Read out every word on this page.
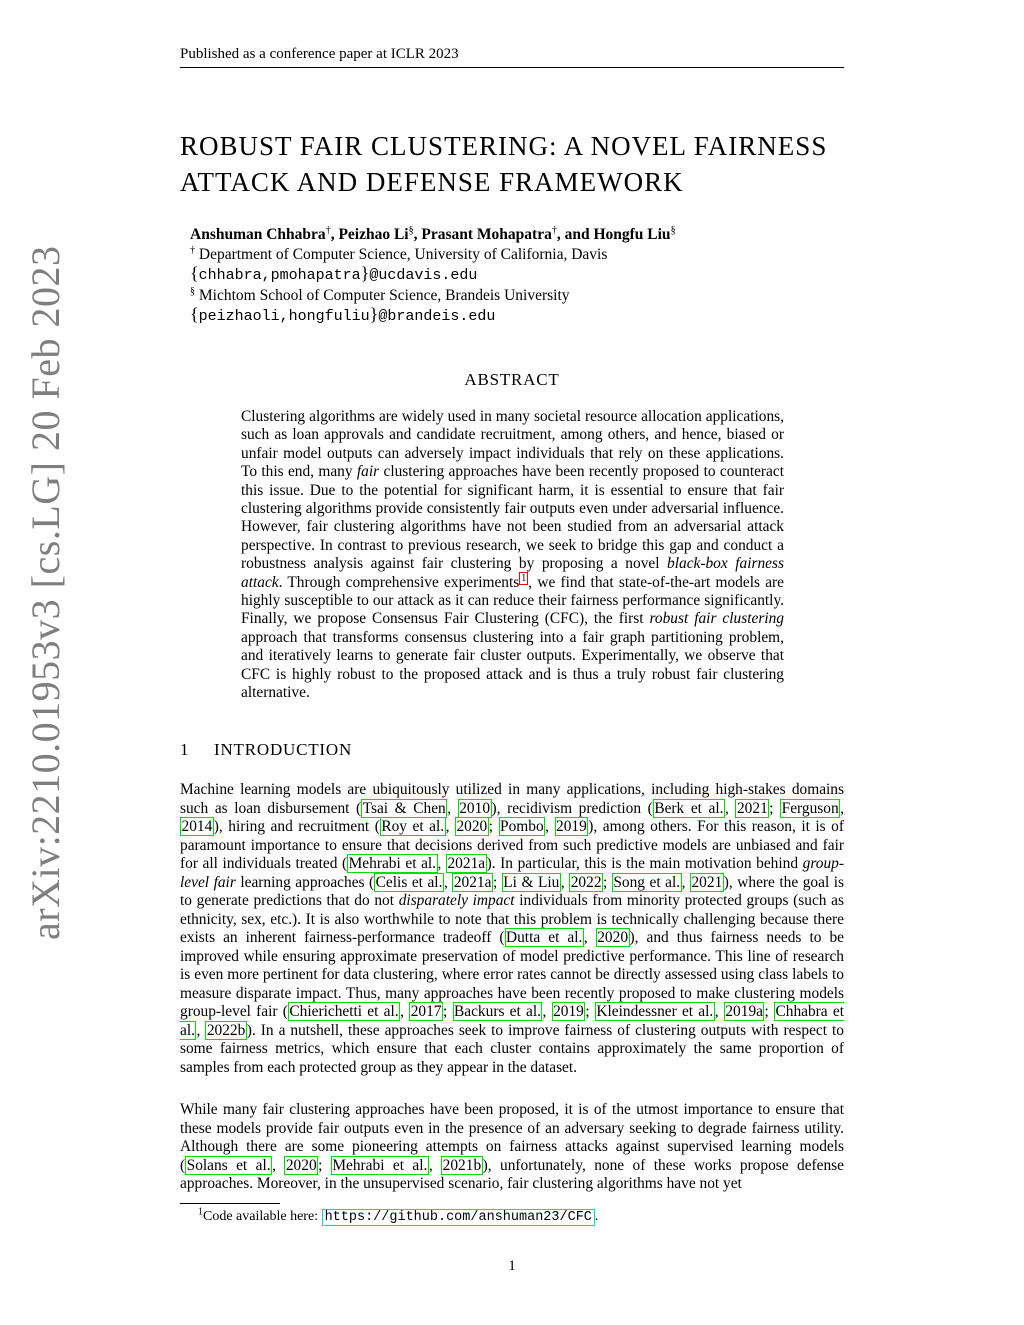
Published as a conference paper at ICLR 2023
arXiv:2210.01953v3 [cs.LG] 20 Feb 2023
ROBUST FAIR CLUSTERING: A NOVEL FAIRNESS
ATTACK AND DEFENSE FRAMEWORK
Anshuman Chhabra†, Peizhao Li§, Prasant Mohapatra†, and Hongfu Liu§
† Department of Computer Science, University of California, Davis
{chhabra,pmohapatra}@ucdavis.edu
§ Michtom School of Computer Science, Brandeis University
{peizhaoli,hongfuliu}@brandeis.edu
ABSTRACT
Clustering algorithms are widely used in many societal resource allocation applications, such as loan approvals and candidate recruitment, among others, and hence, biased or unfair model outputs can adversely impact individuals that rely on these applications. To this end, many fair clustering approaches have been recently proposed to counteract this issue. Due to the potential for significant harm, it is essential to ensure that fair clustering algorithms provide consistently fair outputs even under adversarial influence. However, fair clustering algorithms have not been studied from an adversarial attack perspective. In contrast to previous research, we seek to bridge this gap and conduct a robustness analysis against fair clustering by proposing a novel black-box fairness attack. Through comprehensive experiments $^1$ , we find that state-of-the-art models are highly susceptible to our attack as it can reduce their fairness performance significantly. Finally, we propose Consensus Fair Clustering (CFC), the first robust fair clustering approach that transforms consensus clustering into a fair graph partitioning problem, and iteratively learns to generate fair cluster outputs. Experimentally, we observe that CFC is highly robust to the proposed attack and is thus a truly robust fair clustering alternative.
1 INTRODUCTION
Machine learning models are ubiquitously utilized in many applications, including high-stakes domains such as loan disbursement (Tsai & Chen, 2010), recidivism prediction (Berk et al., 2021; Ferguson, 2014), hiring and recruitment (Roy et al., 2020; Pombo, 2019), among others. For this reason, it is of paramount importance to ensure that decisions derived from such predictive models are unbiased and fair for all individuals treated (Mehrabi et al., 2021a). In particular, this is the main motivation behind group-level fair learning approaches (Celis et al., 2021a; Li & Liu, 2022; Song et al., 2021), where the goal is to generate predictions that do not disparately impact individuals from minority protected groups (such as ethnicity, sex, etc.). It is also worthwhile to note that this problem is technically challenging because there exists an inherent fairness-performance tradeoff (Dutta et al., 2020), and thus fairness needs to be improved while ensuring approximate preservation of model predictive performance. This line of research is even more pertinent for data clustering, where error rates cannot be directly assessed using class labels to measure disparate impact. Thus, many approaches have been recently proposed to make clustering models group-level fair (Chierichetti et al., 2017; Backurs et al., 2019; Kleindessner et al., 2019a; Chhabra et al., 2022b). In a nutshell, these approaches seek to improve fairness of clustering outputs with respect to some fairness metrics, which ensure that each cluster contains approximately the same proportion of samples from each protected group as they appear in the dataset.
While many fair clustering approaches have been proposed, it is of the utmost importance to ensure that these models provide fair outputs even in the presence of an adversary seeking to degrade fairness utility. Although there are some pioneering attempts on fairness attacks against supervised learning models (Solans et al., 2020; Mehrabi et al., 2021b), unfortunately, none of these works propose defense approaches. Moreover, in the unsupervised scenario, fair clustering algorithms have not yet
$^1$Code available here: https://github.com/anshuman23/CFC .
1
